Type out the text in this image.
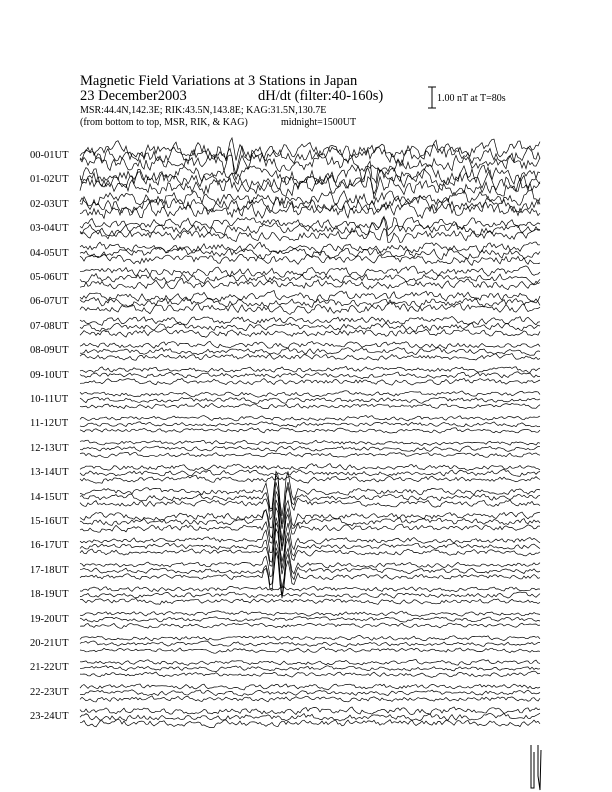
Magnetic Field Variations at 3 Stations in Japan
23 December2003	dH/dt (filter:40-160s)
MSR:44.4N,142.3E; RIK:43.5N,143.8E; KAG:31.5N,130.7E
(from bottom to top, MSR, RIK, & KAG)	midnight=1500UT
1.00 nT at T=80s
00-01UT
01-02UT
02-03UT
03-04UT
04-05UT
05-06UT
06-07UT
07-08UT
08-09UT
09-10UT
10-11UT
11-12UT
12-13UT
13-14UT
14-15UT
15-16UT
16-17UT
17-18UT
18-19UT
19-20UT
20-21UT
21-22UT
22-23UT
23-24UT
